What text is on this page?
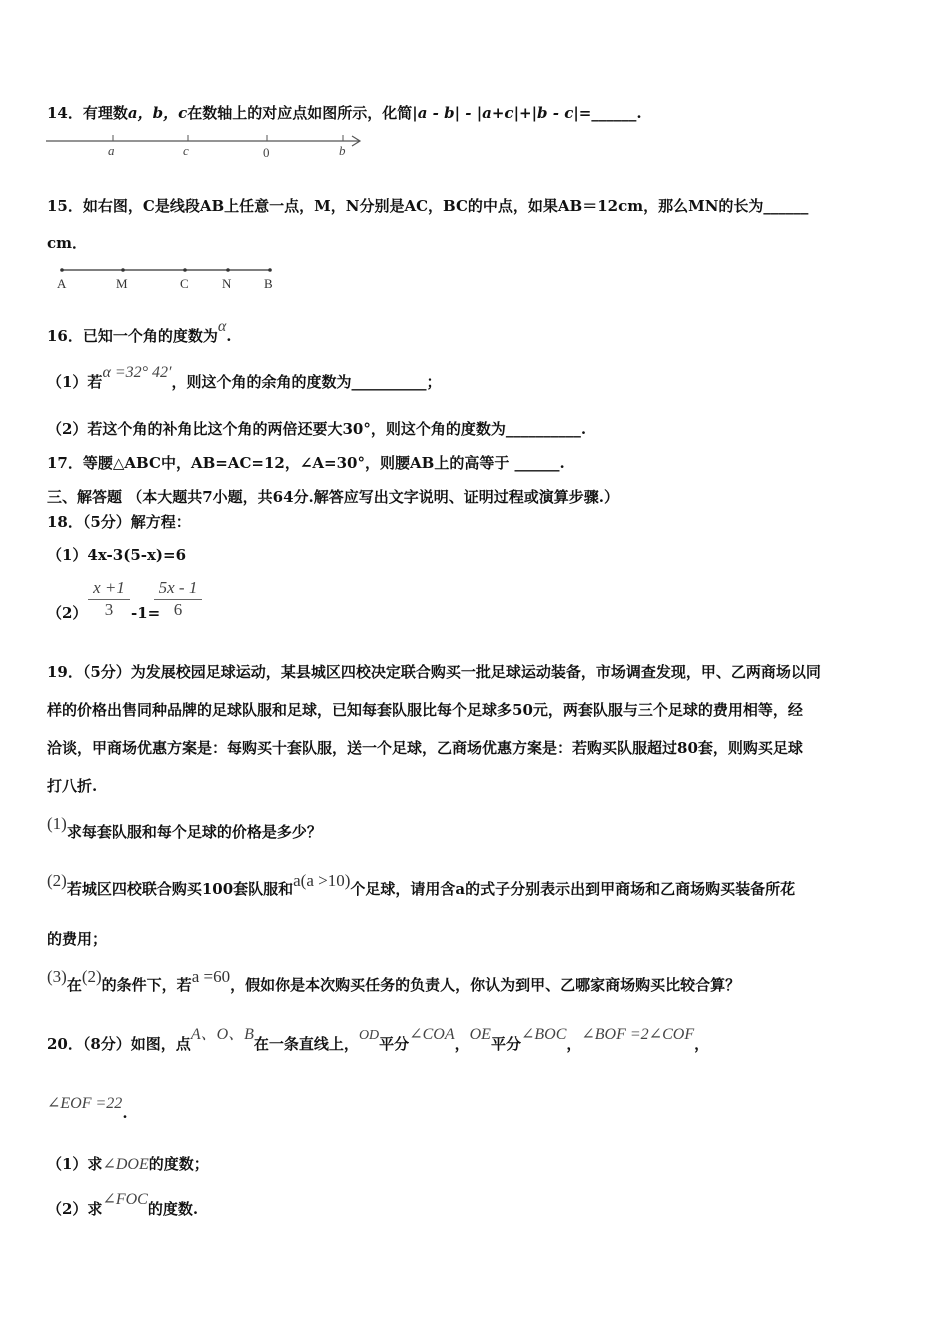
14．有理数a，b，c在数轴上的对应点如图所示，化简|a - b| - |a+c|+|b - c|=______.
a	c	0	b
15．如右图，C是线段AB上任意一点，M，N分别是AC，BC的中点，如果AB＝12cm，那么MN的长为______
cm．
A	M	C	N	B
16．已知一个角的度数为α.
（1）若α =32° 42′，则这个角的余角的度数为__________；
（2）若这个角的补角比这个角的两倍还要大30°，则这个角的度数为__________.
17．等腰△ABC中，AB=AC=12，∠A=30°，则腰AB上的高等于 ______.
三、解答题 （本大题共7小题，共64分.解答应写出文字说明、证明过程或演算步骤.）
18．（5分）解方程：
（1）4x-3(5-x)=6
$(2) \frac{x +1}{3} -1=$
$\frac{5x - 1}{6}$
19．（5分）为发展校园足球运动，某县城区四校决定联合购买一批足球运动装备，市场调查发现，甲、乙两商场以同
样的价格出售同种品牌的足球队服和足球，已知每套队服比每个足球多50元，两套队服与三个足球的费用相等，经
洽谈，甲商场优惠方案是：每购买十套队服，送一个足球，乙商场优惠方案是：若购买队服超过80套，则购买足球
打八折.
(1)求每套队服和每个足球的价格是多少？
(2)若城区四校联合购买100套队服和a(a >10)个足球，请用含a的式子分别表示出到甲商场和乙商场购买装备所花
的费用；
(3)在(2)的条件下，若a =60，假如你是本次购买任务的负责人，你认为到甲、乙哪家商场购买比较合算？
20．（8分）如图，点A、O、B在一条直线上，OD平分∠COA，OE平分∠BOC，∠BOF =2∠COF，
∠EOF =22.
（1）求∠DOE的度数；
（2）求∠FOC的度数.
